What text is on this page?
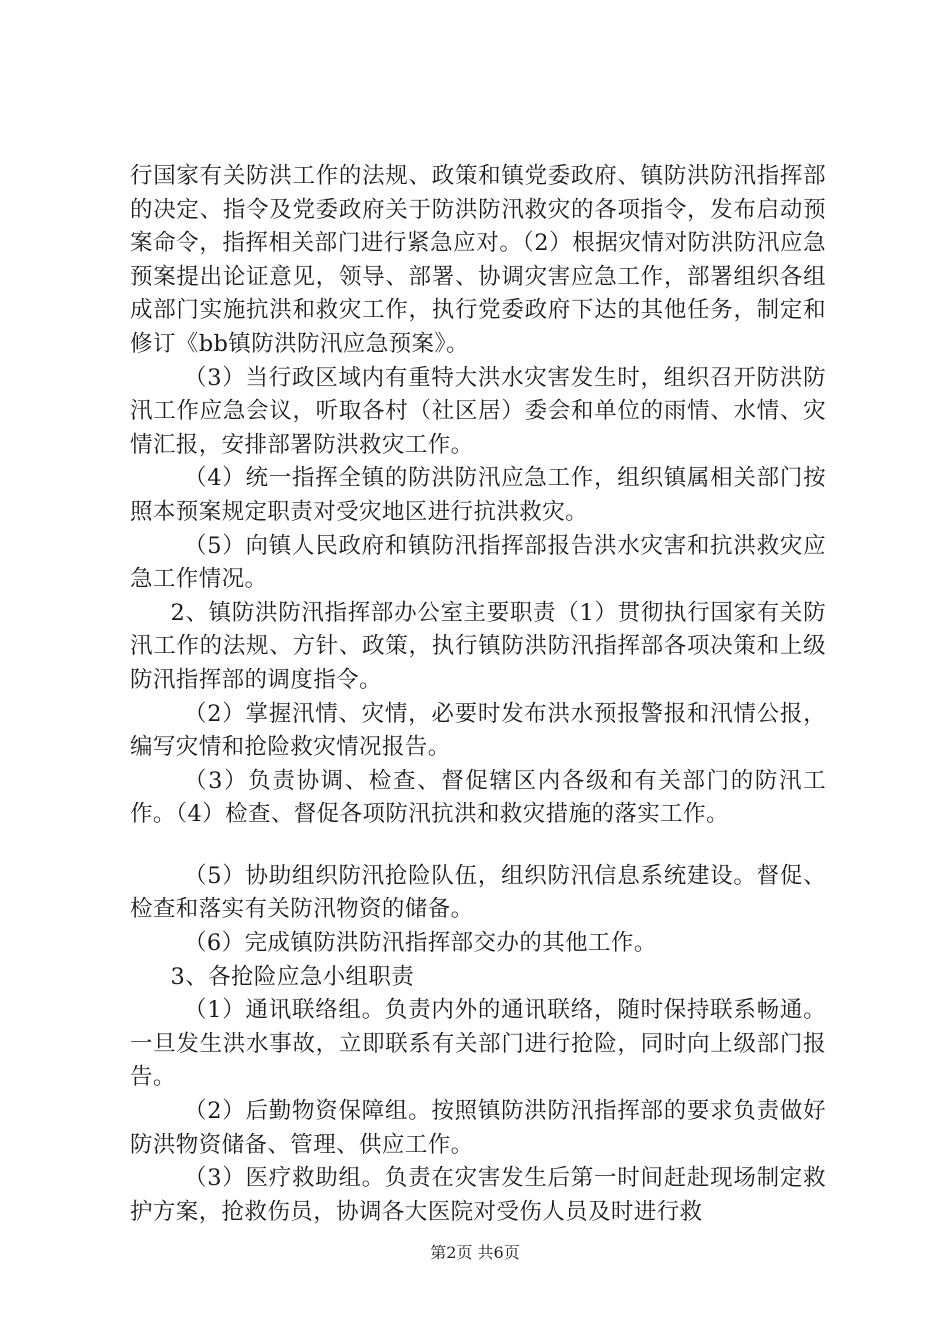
行国家有关防洪工作的法规、政策和镇党委政府、镇防洪防汛指挥部的决定、指令及党委政府关于防洪防汛救灾的各项指令，发布启动预案命令，指挥相关部门进行紧急应对。（2）根据灾情对防洪防汛应急预案提出论证意见，领导、部署、协调灾害应急工作，部署组织各组成部门实施抗洪和救灾工作，执行党委政府下达的其他任务，制定和修订《bb镇防洪防汛应急预案》。

（3）当行政区域内有重特大洪水灾害发生时，组织召开防洪防汛工作应急会议，听取各村（社区居）委会和单位的雨情、水情、灾情汇报，安排部署防洪救灾工作。

（4）统一指挥全镇的防洪防汛应急工作，组织镇属相关部门按照本预案规定职责对受灾地区进行抗洪救灾。

（5）向镇人民政府和镇防汛指挥部报告洪水灾害和抗洪救灾应急工作情况。

2、镇防洪防汛指挥部办公室主要职责（1）贯彻执行国家有关防汛工作的法规、方针、政策，执行镇防洪防汛指挥部各项决策和上级防汛指挥部的调度指令。

（2）掌握汛情、灾情，必要时发布洪水预报警报和汛情公报，编写灾情和抢险救灾情况报告。

（3）负责协调、检查、督促辖区内各级和有关部门的防汛工作。（4）检查、督促各项防汛抗洪和救灾措施的落实工作。

（5）协助组织防汛抢险队伍，组织防汛信息系统建设。督促、检查和落实有关防汛物资的储备。

（6）完成镇防洪防汛指挥部交办的其他工作。

3、各抢险应急小组职责

（1）通讯联络组。负责内外的通讯联络，随时保持联系畅通。一旦发生洪水事故，立即联系有关部门进行抢险，同时向上级部门报告。

（2）后勤物资保障组。按照镇防洪防汛指挥部的要求负责做好防洪物资储备、管理、供应工作。

（3）医疗救助组。负责在灾害发生后第一时间赶赴现场制定救护方案，抢救伤员，协调各大医院对受伤人员及时进行救

第2页 共6页
